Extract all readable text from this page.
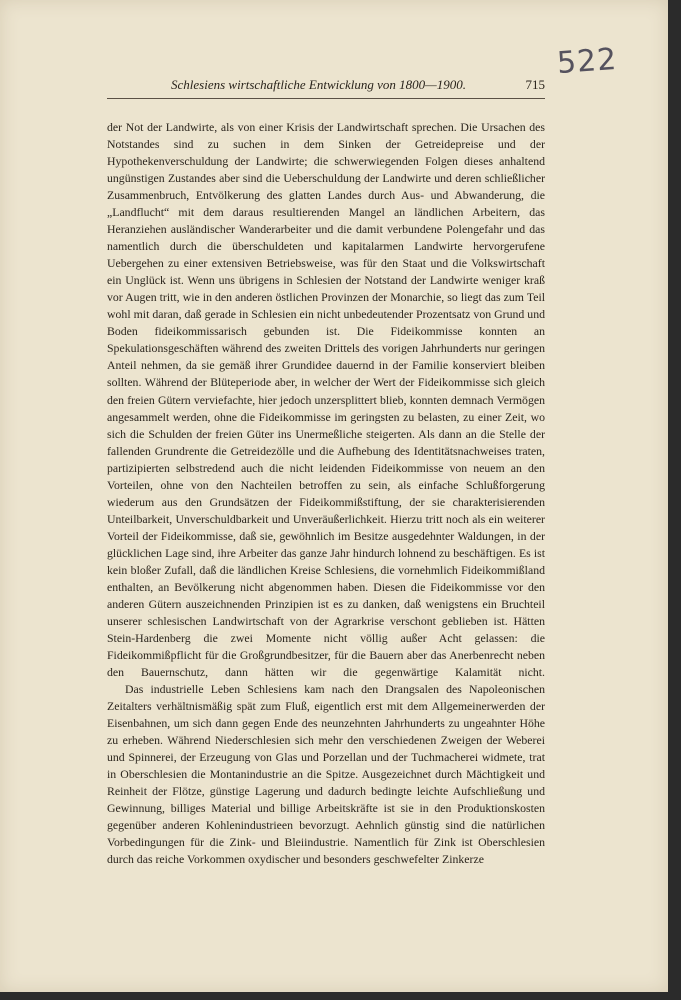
522
Schlesiens wirtschaftliche Entwicklung von 1800—1900.	715

der Not der Landwirte, als von einer Krisis der Landwirtschaft sprechen. Die Ursachen des Notstandes sind zu suchen in dem Sinken der Getreidepreise und der Hypothekenverschuldung der Landwirte; die schwerwiegenden Folgen dieses anhaltend ungünstigen Zustandes aber sind die Ueberschuldung der Landwirte und deren schließlicher Zusammenbruch, Entvölkerung des glatten Landes durch Aus- und Abwanderung, die „Landflucht“ mit dem daraus resultierenden Mangel an ländlichen Arbeitern, das Heranziehen ausländischer Wanderarbeiter und die damit verbundene Polengefahr und das namentlich durch die überschuldeten und kapitalarmen Landwirte hervorgerufene Uebergehen zu einer extensiven Betriebsweise, was für den Staat und die Volkswirtschaft ein Unglück ist. Wenn uns übrigens in Schlesien der Notstand der Landwirte weniger kraß vor Augen tritt, wie in den anderen östlichen Provinzen der Monarchie, so liegt das zum Teil wohl mit daran, daß gerade in Schlesien ein nicht unbedeutender Prozentsatz von Grund und Boden fideikommissarisch gebunden ist. Die Fideikommisse konnten an Spekulationsgeschäften während des zweiten Drittels des vorigen Jahrhunderts nur geringen Anteil nehmen, da sie gemäß ihrer Grundidee dauernd in der Familie konserviert bleiben sollten. Während der Blüteperiode aber, in welcher der Wert der Fideikommisse sich gleich den freien Gütern verviefachte, hier jedoch unzersplittert blieb, konnten demnach Vermögen angesammelt werden, ohne die Fideikommisse im geringsten zu belasten, zu einer Zeit, wo sich die Schulden der freien Güter ins Unermeßliche steigerten. Als dann an die Stelle der fallenden Grundrente die Getreidezölle und die Aufhebung des Identitätsnachweises traten, partizipierten selbstredend auch die nicht leidenden Fideikommisse von neuem an den Vorteilen, ohne von den Nachteilen betroffen zu sein, als einfache Schlußforgerung wiederum aus den Grundsätzen der Fideikommißstiftung, der sie charakterisierenden Unteilbarkeit, Unverschuldbarkeit und Unveräußerlichkeit. Hierzu tritt noch als ein weiterer Vorteil der Fideikommisse, daß sie, gewöhnlich im Besitze ausgedehnter Waldungen, in der glücklichen Lage sind, ihre Arbeiter das ganze Jahr hindurch lohnend zu beschäftigen. Es ist kein bloßer Zufall, daß die ländlichen Kreise Schlesiens, die vornehmlich Fideikommißland enthalten, an Bevölkerung nicht abgenommen haben. Diesen die Fideikommisse vor den anderen Gütern auszeichnenden Prinzipien ist es zu danken, daß wenigstens ein Bruchteil unserer schlesischen Landwirtschaft von der Agrarkrise verschont geblieben ist. Hätten Stein-Hardenberg die zwei Momente nicht völlig außer Acht gelassen: die Fideikommißpflicht für die Großgrundbesitzer, für die Bauern aber das Anerbenrecht neben den Bauernschutz, dann hätten wir die gegenwärtige Kalamität nicht.

Das industrielle Leben Schlesiens kam nach den Drangsalen des Napoleonischen Zeitalters verhältnismäßig spät zum Fluß, eigentlich erst mit dem Allgemeinerwerden der Eisenbahnen, um sich dann gegen Ende des neunzehnten Jahrhunderts zu ungeahnter Höhe zu erheben. Während Niederschlesien sich mehr den verschiedenen Zweigen der Weberei und Spinnerei, der Erzeugung von Glas und Porzellan und der Tuchmacherei widmete, trat in Oberschlesien die Montanindustrie an die Spitze. Ausgezeichnet durch Mächtigkeit und Reinheit der Flötze, günstige Lagerung und dadurch bedingte leichte Aufschließung und Gewinnung, billiges Material und billige Arbeitskräfte ist sie in den Produktionskosten gegenüber anderen Kohlenindustrieen bevorzugt. Aehnlich günstig sind die natürlichen Vorbedingungen für die Zink- und Bleiindustrie. Namentlich für Zink ist Oberschlesien durch das reiche Vorkommen oxydischer und besonders geschwefelter Zinkerze
